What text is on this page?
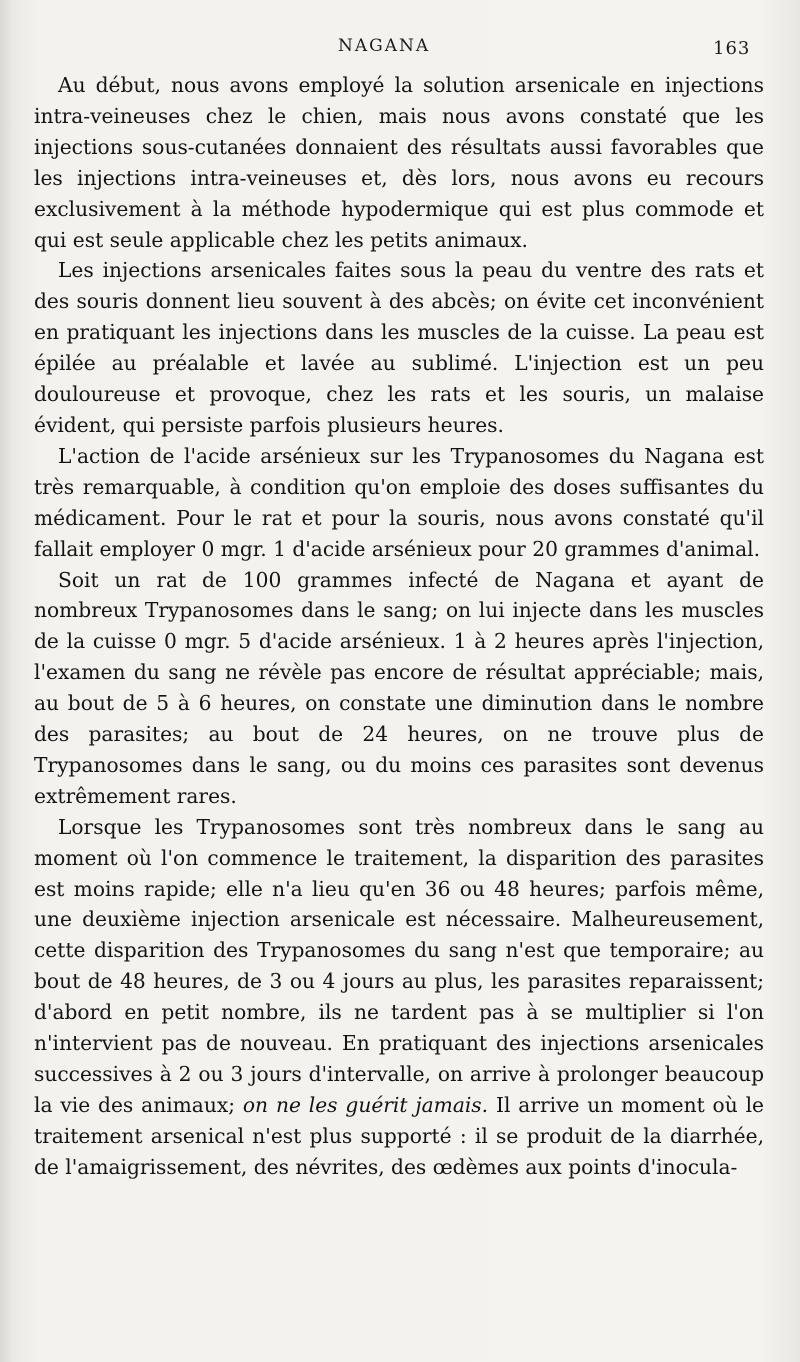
NAGANA	163

Au début, nous avons employé la solution arsenicale en injections intra-veineuses chez le chien, mais nous avons constaté que les injections sous-cutanées donnaient des résultats aussi favorables que les injections intra-veineuses et, dès lors, nous avons eu recours exclusivement à la méthode hypodermique qui est plus commode et qui est seule applicable chez les petits animaux.

Les injections arsenicales faites sous la peau du ventre des rats et des souris donnent lieu souvent à des abcès; on évite cet inconvénient en pratiquant les injections dans les muscles de la cuisse. La peau est épilée au préalable et lavée au sublimé. L'injection est un peu douloureuse et provoque, chez les rats et les souris, un malaise évident, qui persiste parfois plusieurs heures.

L'action de l'acide arsénieux sur les Trypanosomes du Nagana est très remarquable, à condition qu'on emploie des doses suffisantes du médicament. Pour le rat et pour la souris, nous avons constaté qu'il fallait employer 0 mgr. 1 d'acide arsénieux pour 20 grammes d'animal.

Soit un rat de 100 grammes infecté de Nagana et ayant de nombreux Trypanosomes dans le sang; on lui injecte dans les muscles de la cuisse 0 mgr. 5 d'acide arsénieux. 1 à 2 heures après l'injection, l'examen du sang ne révèle pas encore de résultat appréciable; mais, au bout de 5 à 6 heures, on constate une diminution dans le nombre des parasites; au bout de 24 heures, on ne trouve plus de Trypanosomes dans le sang, ou du moins ces parasites sont devenus extrêmement rares.

Lorsque les Trypanosomes sont très nombreux dans le sang au moment où l'on commence le traitement, la disparition des parasites est moins rapide; elle n'a lieu qu'en 36 ou 48 heures; parfois même, une deuxième injection arsenicale est nécessaire. Malheureusement, cette disparition des Trypanosomes du sang n'est que temporaire; au bout de 48 heures, de 3 ou 4 jours au plus, les parasites reparaissent; d'abord en petit nombre, ils ne tardent pas à se multiplier si l'on n'intervient pas de nouveau. En pratiquant des injections arsenicales successives à 2 ou 3 jours d'intervalle, on arrive à prolonger beaucoup la vie des animaux; on ne les guérit jamais. Il arrive un moment où le traitement arsenical n'est plus supporté : il se produit de la diarrhée, de l'amaigrissement, des névrites, des œdèmes aux points d'inocula-
